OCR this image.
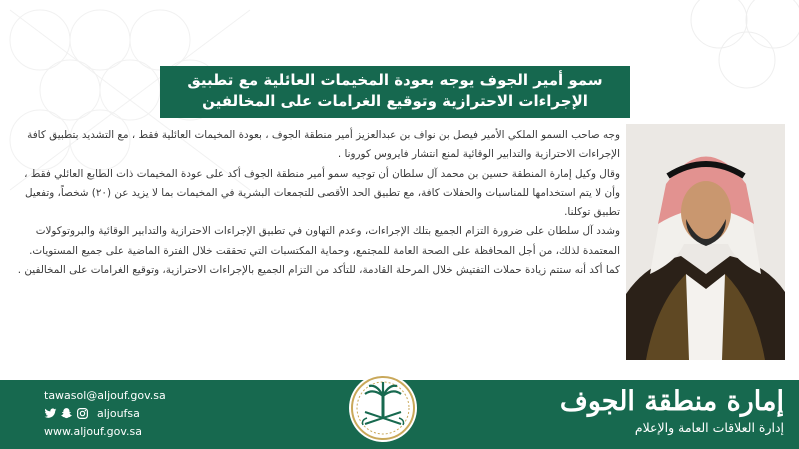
سمو أمير الجوف يوجه بعودة المخيمات العائلية مع تطبيق
الإجراءات الاحترازية وتوقيع الغرامات على المخالفين

وجه صاحب السمو الملكي الأمير فيصل بن نواف بن عبدالعزيز أمير منطقة الجوف ، بعودة المخيمات العائلية فقط ، مع التشديد بتطبيق كافة الإجراءات الاحترازية والتدابير الوقائية لمنع انتشار فايروس كورونا .

وقال وكيل إمارة المنطقة حسين بن محمد آل سلطان أن توجيه سمو أمير منطقة الجوف أكد على عودة المخيمات ذات الطابع العائلي فقط ، وأن لا يتم استخدامها للمناسبات والحفلات كافة، مع تطبيق الحد الأقصى للتجمعات البشرية في المخيمات بما لا يزيد عن (٢٠) شخصاً، وتفعيل تطبيق توكلنا.

وشدد آل سلطان على ضرورة التزام الجميع بتلك الإجراءات، وعدم التهاون في تطبيق الإجراءات الاحترازية والتدابير الوقائية والبروتوكولات المعتمدة لذلك، من أجل المحافظة على الصحة العامة للمجتمع، وحماية المكتسبات التي تحققت خلال الفترة الماضية على جميع المستويات.

كما أكد أنه ستتم زيادة حملات التفتيش خلال المرحلة القادمة، للتأكد من التزام الجميع بالإجراءات الاحترازية، وتوقيع الغرامات على المخالفين .

tawasol@aljouf.gov.sa
aljoufsa
www.aljouf.gov.sa
إمارة منطقة الجوف
إدارة العلاقات العامة والإعلام
